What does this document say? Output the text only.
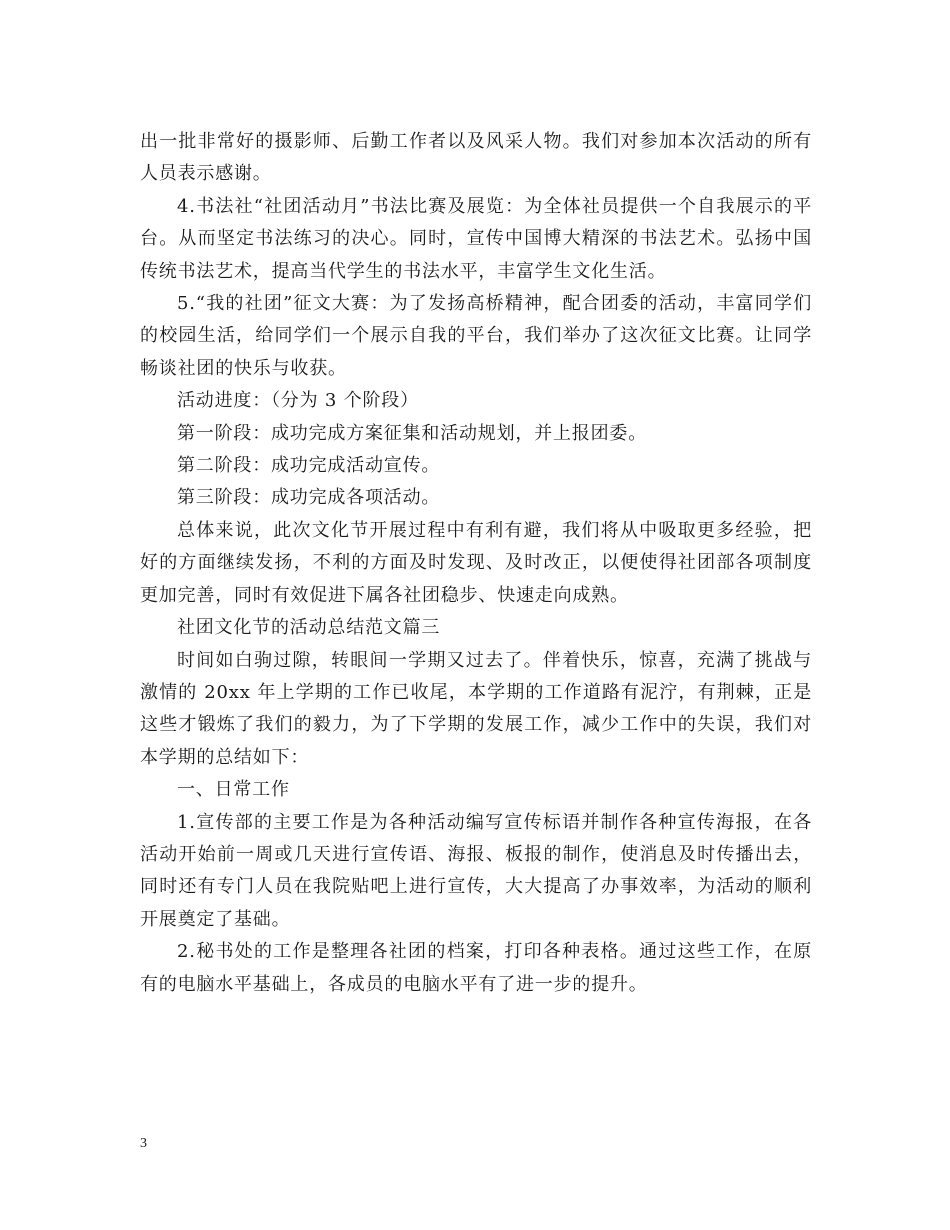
出一批非常好的摄影师、后勤工作者以及风采人物。我们对参加本次活动的所有人员表示感谢。

4.书法社“社团活动月”书法比赛及展览：为全体社员提供一个自我展示的平台。从而坚定书法练习的决心。同时，宣传中国博大精深的书法艺术。弘扬中国传统书法艺术，提高当代学生的书法水平，丰富学生文化生活。

5.“我的社团”征文大赛：为了发扬高桥精神，配合团委的活动，丰富同学们的校园生活，给同学们一个展示自我的平台，我们举办了这次征文比赛。让同学畅谈社团的快乐与收获。

活动进度：（分为 3 个阶段）

第一阶段：成功完成方案征集和活动规划，并上报团委。

第二阶段：成功完成活动宣传。

第三阶段：成功完成各项活动。

总体来说，此次文化节开展过程中有利有避，我们将从中吸取更多经验，把好的方面继续发扬，不利的方面及时发现、及时改正，以便使得社团部各项制度更加完善，同时有效促进下属各社团稳步、快速走向成熟。

社团文化节的活动总结范文篇三

时间如白驹过隙，转眼间一学期又过去了。伴着快乐，惊喜，充满了挑战与激情的 20xx 年上学期的工作已收尾，本学期的工作道路有泥泞，有荆棘，正是这些才锻炼了我们的毅力，为了下学期的发展工作，减少工作中的失误，我们对本学期的总结如下：

一、日常工作

1.宣传部的主要工作是为各种活动编写宣传标语并制作各种宣传海报，在各活动开始前一周或几天进行宣传语、海报、板报的制作，使消息及时传播出去，同时还有专门人员在我院贴吧上进行宣传，大大提高了办事效率，为活动的顺利开展奠定了基础。

2.秘书处的工作是整理各社团的档案，打印各种表格。通过这些工作，在原有的电脑水平基础上，各成员的电脑水平有了进一步的提升。

3
